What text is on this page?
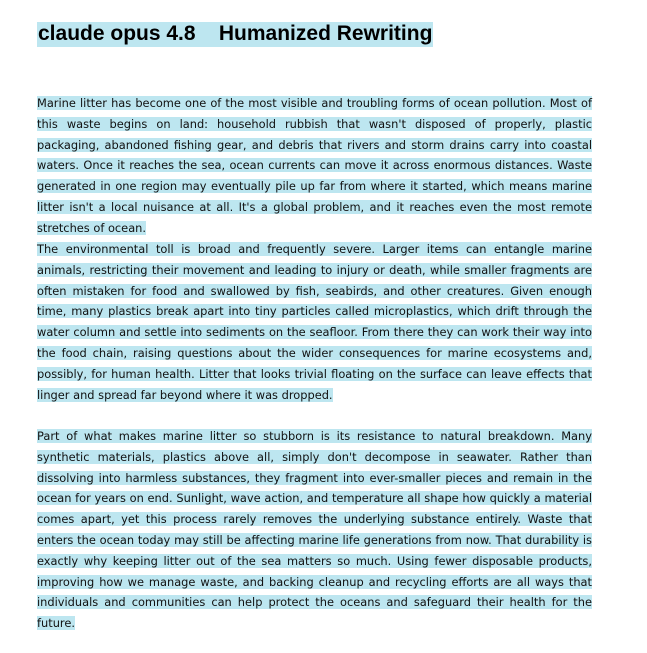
claude opus 4.8    Humanized Rewriting

Marine litter has become one of the most visible and troubling forms of ocean pollution. Most of this waste begins on land: household rubbish that wasn't disposed of properly, plastic packaging, abandoned fishing gear, and debris that rivers and storm drains carry into coastal waters. Once it reaches the sea, ocean currents can move it across enormous distances. Waste generated in one region may eventually pile up far from where it started, which means marine litter isn't a local nuisance at all. It's a global problem, and it reaches even the most remote stretches of ocean.

The environmental toll is broad and frequently severe. Larger items can entangle marine animals, restricting their movement and leading to injury or death, while smaller fragments are often mistaken for food and swallowed by fish, seabirds, and other creatures. Given enough time, many plastics break apart into tiny particles called microplastics, which drift through the water column and settle into sediments on the seafloor. From there they can work their way into the food chain, raising questions about the wider consequences for marine ecosystems and, possibly, for human health. Litter that looks trivial floating on the surface can leave effects that linger and spread far beyond where it was dropped.

Part of what makes marine litter so stubborn is its resistance to natural breakdown. Many synthetic materials, plastics above all, simply don't decompose in seawater. Rather than dissolving into harmless substances, they fragment into ever-smaller pieces and remain in the ocean for years on end. Sunlight, wave action, and temperature all shape how quickly a material comes apart, yet this process rarely removes the underlying substance entirely. Waste that enters the ocean today may still be affecting marine life generations from now. That durability is exactly why keeping litter out of the sea matters so much. Using fewer disposable products, improving how we manage waste, and backing cleanup and recycling efforts are all ways that individuals and communities can help protect the oceans and safeguard their health for the future.
